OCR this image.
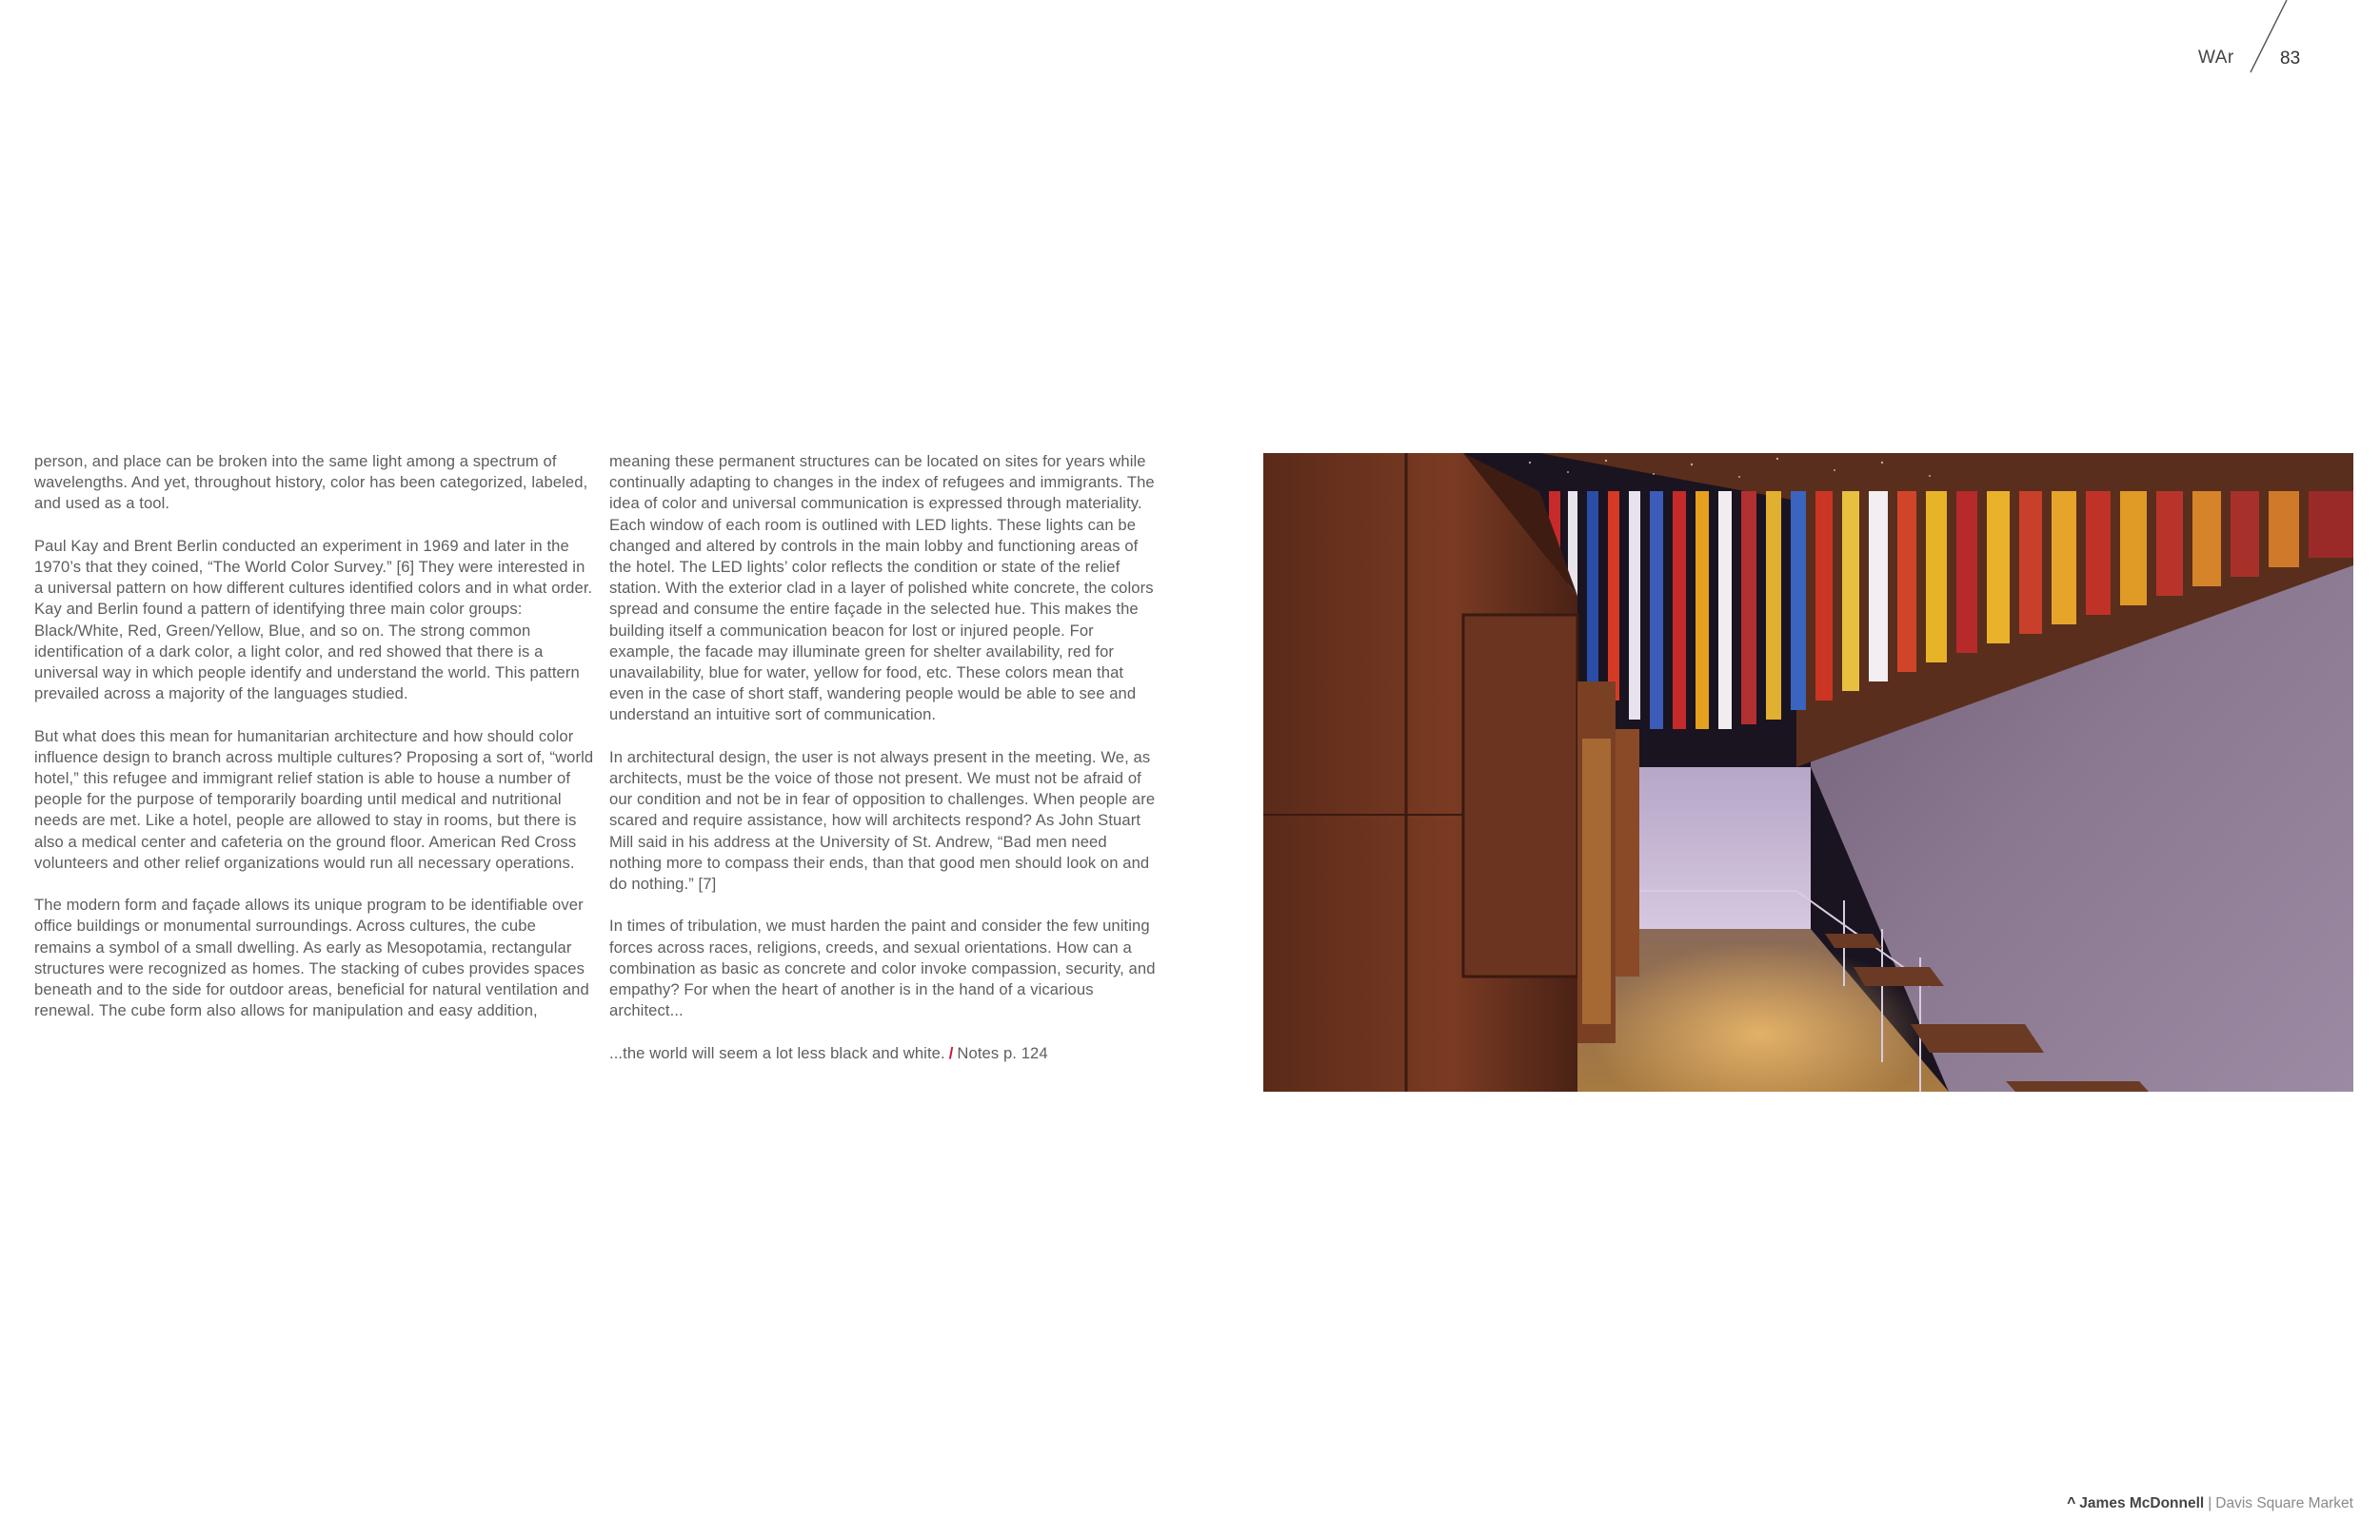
WAr	83

person, and place can be broken into the same light among a spectrum of wavelengths. And yet, throughout history, color has been categorized, labeled, and used as a tool.

Paul Kay and Brent Berlin conducted an experiment in 1969 and later in the 1970’s that they coined, “The World Color Survey.” [6] They were interested in a universal pattern on how different cultures identified colors and in what order. Kay and Berlin found a pattern of identifying three main color groups: Black/White, Red, Green/Yellow, Blue, and so on. The strong common identification of a dark color, a light color, and red showed that there is a universal way in which people identify and understand the world. This pattern prevailed across a majority of the languages studied.

But what does this mean for humanitarian architecture and how should color influence design to branch across multiple cultures? Proposing a sort of, “world hotel,” this refugee and immigrant relief station is able to house a number of people for the purpose of temporarily boarding until medical and nutritional needs are met. Like a hotel, people are allowed to stay in rooms, but there is also a medical center and cafeteria on the ground floor. American Red Cross volunteers and other relief organizations would run all necessary operations.

The modern form and façade allows its unique program to be identifiable over office buildings or monumental surroundings. Across cultures, the cube remains a symbol of a small dwelling. As early as Mesopotamia, rectangular structures were recognized as homes. The stacking of cubes provides spaces beneath and to the side for outdoor areas, beneficial for natural ventilation and renewal. The cube form also allows for manipulation and easy addition,

meaning these permanent structures can be located on sites for years while continually adapting to changes in the index of refugees and immigrants. The idea of color and universal communication is expressed through materiality. Each window of each room is outlined with LED lights. These lights can be changed and altered by controls in the main lobby and functioning areas of the hotel. The LED lights’ color reflects the condition or state of the relief station. With the exterior clad in a layer of polished white concrete, the colors spread and consume the entire façade in the selected hue. This makes the building itself a communication beacon for lost or injured people. For example, the facade may illuminate green for shelter availability, red for unavailability, blue for water, yellow for food, etc. These colors mean that even in the case of short staff, wandering people would be able to see and understand an intuitive sort of communication.

In architectural design, the user is not always present in the meeting. We, as architects, must be the voice of those not present. We must not be afraid of our condition and not be in fear of opposition to challenges. When people are scared and require assistance, how will architects respond? As John Stuart Mill said in his address at the University of St. Andrew, “Bad men need nothing more to compass their ends, than that good men should look on and do nothing.” [7]

In times of tribulation, we must harden the paint and consider the few uniting forces across races, religions, creeds, and sexual orientations. How can a combination as basic as concrete and color invoke compassion, security, and empathy? For when the heart of another is in the hand of a vicarious architect...

...the world will seem a lot less black and white. / Notes p. 124

^ James McDonnell | Davis Square Market
